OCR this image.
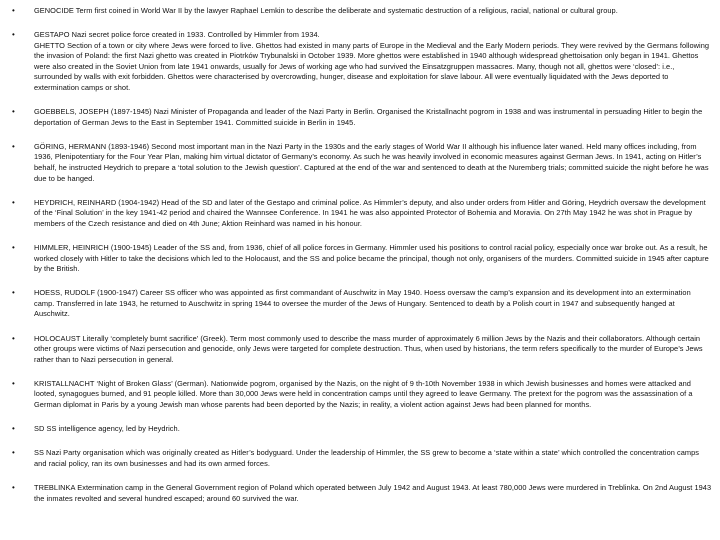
•	GENOCIDE Term first coined in World War II by the lawyer Raphael Lemkin to describe the deliberate and systematic destruction of a religious, racial, national or cultural group.
•	GESTAPO Nazi secret police force created in 1933. Controlled by Himmler from 1934.
GHETTO Section of a town or city where Jews were forced to live. Ghettos had existed in many parts of Europe in the Medieval and the Early Modern periods. They were revived by the Germans following the invasion of Poland: the first Nazi ghetto was created in Piotrków Trybunalski in October 1939. More ghettos were established in 1940 although widespread ghettoisation only began in 1941. Ghettos were also created in the Soviet Union from late 1941 onwards, usually for Jews of working age who had survived the Einsatzgruppen massacres. Many, though not all, ghettos were ‘closed’: i.e., surrounded by walls with exit forbidden. Ghettos were characterised by overcrowding, hunger, disease and exploitation for slave labour. All were eventually liquidated with the Jews deported to extermination camps or shot.
•	GOEBBELS, JOSEPH (1897-1945) Nazi Minister of Propaganda and leader of the Nazi Party in Berlin. Organised the Kristallnacht pogrom in 1938 and was instrumental in persuading Hitler to begin the deportation of German Jews to the East in September 1941. Committed suicide in Berlin in 1945.
•	GÖRING, HERMANN (1893-1946) Second most important man in the Nazi Party in the 1930s and the early stages of World War II although his influence later waned. Held many offices including, from 1936, Plenipotentiary for the Four Year Plan, making him virtual dictator of Germany’s economy. As such he was heavily involved in economic measures against German Jews. In 1941, acting on Hitler’s behalf, he instructed Heydrich to prepare a ‘total solution to the Jewish question’. Captured at the end of the war and sentenced to death at the Nuremberg trials; committed suicide the night before he was due to be hanged.
•	HEYDRICH, REINHARD (1904-1942) Head of the SD and later of the Gestapo and criminal police. As Himmler’s deputy, and also under orders from Hitler and Göring, Heydrich oversaw the development of the ‘Final Solution’ in the key 1941-42 period and chaired the Wannsee Conference. In 1941 he was also appointed Protector of Bohemia and Moravia. On 27th May 1942 he was shot in Prague by members of the Czech resistance and died on 4th June; Aktion Reinhard was named in his honour.
•	HIMMLER, HEINRICH (1900-1945) Leader of the SS and, from 1936, chief of all police forces in Germany. Himmler used his positions to control racial policy, especially once war broke out. As a result, he worked closely with Hitler to take the decisions which led to the Holocaust, and the SS and police became the principal, though not only, organisers of the murders. Committed suicide in 1945 after capture by the British.
•	HOESS, RUDOLF (1900-1947) Career SS officer who was appointed as first commandant of Auschwitz in May 1940. Hoess oversaw the camp’s expansion and its development into an extermination camp. Transferred in late 1943, he returned to Auschwitz in spring 1944 to oversee the murder of the Jews of Hungary. Sentenced to death by a Polish court in 1947 and subsequently hanged at Auschwitz.
•	HOLOCAUST Literally ‘completely burnt sacrifice’ (Greek). Term most commonly used to describe the mass murder of approximately 6 million Jews by the Nazis and their collaborators. Although certain other groups were victims of Nazi persecution and genocide, only Jews were targeted for complete destruction. Thus, when used by historians, the term refers specifically to the murder of Europe’s Jews rather than to Nazi persecution in general.
•	KRISTALLNACHT ‘Night of Broken Glass’ (German). Nationwide pogrom, organised by the Nazis, on the night of 9 th-10th November 1938 in which Jewish businesses and homes were attacked and looted, synagogues burned, and 91 people killed. More than 30,000 Jews were held in concentration camps until they agreed to leave Germany. The pretext for the pogrom was the assassination of a German diplomat in Paris by a young Jewish man whose parents had been deported by the Nazis; in reality, a violent action against Jews had been planned for months.
•	SD SS intelligence agency, led by Heydrich.
•	SS Nazi Party organisation which was originally created as Hitler’s bodyguard. Under the leadership of Himmler, the SS grew to become a ‘state within a state’ which controlled the concentration camps and racial policy, ran its own businesses and had its own armed forces.
•	TREBLINKA Extermination camp in the General Government region of Poland which operated between July 1942 and August 1943. At least 780,000 Jews were murdered in Treblinka. On 2nd August 1943 the inmates revolted and several hundred escaped; around 60 survived the war.
